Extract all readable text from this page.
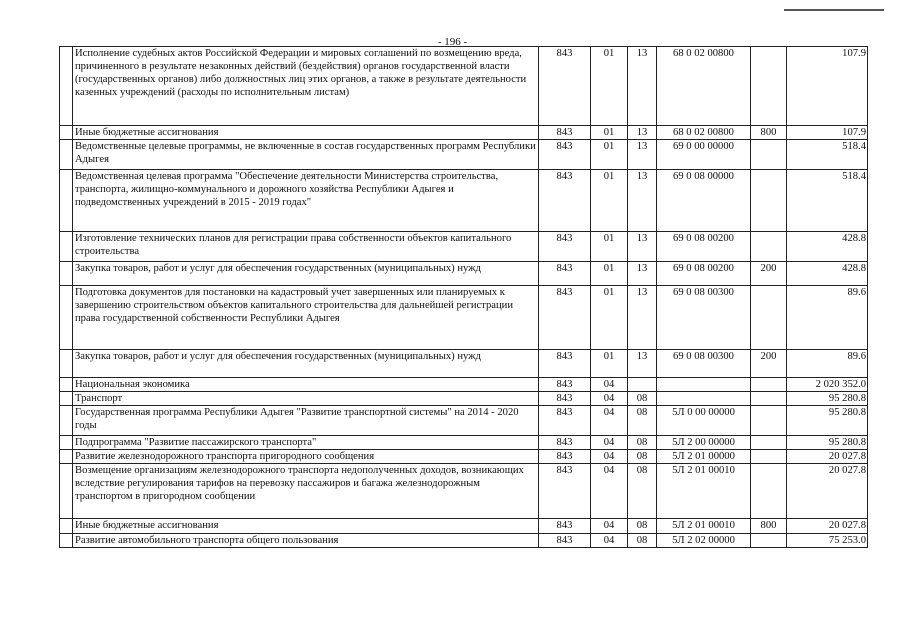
- 196 -
	Исполнение судебных актов Российской Федерации и мировых соглашений по возмещению вреда, причиненного в результате незаконных действий (бездействия) органов государственной власти (государственных органов) либо должностных лиц этих органов, а также в результате деятельности казенных учреждений (расходы по исполнительным листам)	843	01	13	68 0 02 00800		107.9
	Иные бюджетные ассигнования	843	01	13	68 0 02 00800	800	107.9
	Ведомственные целевые программы, не включенные в состав государственных программ Республики Адыгея	843	01	13	69 0 00 00000		518.4
	Ведомственная целевая программа "Обеспечение деятельности Министерства строительства, транспорта, жилищно-коммунального и дорожного хозяйства Республики Адыгея и подведомственных учреждений в 2015 - 2019 годах"	843	01	13	69 0 08 00000		518.4
	Изготовление технических планов для регистрации права собственности объектов капитального строительства	843	01	13	69 0 08 00200		428.8
	Закупка товаров, работ и услуг для обеспечения государственных (муниципальных) нужд	843	01	13	69 0 08 00200	200	428.8
	Подготовка документов для постановки на кадастровый учет завершенных или планируемых к завершению строительством объектов капитального строительства для дальнейшей регистрации права государственной собственности Республики Адыгея	843	01	13	69 0 08 00300		89.6
	Закупка товаров, работ и услуг для обеспечения государственных (муниципальных) нужд	843	01	13	69 0 08 00300	200	89.6
	Национальная экономика	843	04				2 020 352.0
	Транспорт	843	04	08			95 280.8
	Государственная программа Республики Адыгея "Развитие транспортной системы" на 2014 - 2020 годы	843	04	08	5Л 0 00 00000		95 280.8
	Подпрограмма "Развитие пассажирского транспорта"	843	04	08	5Л 2 00 00000		95 280.8
	Развитие железнодорожного транспорта пригородного сообщения	843	04	08	5Л 2 01 00000		20 027.8
	Возмещение организациям железнодорожного транспорта недополученных доходов, возникающих вследствие регулирования тарифов на перевозку пассажиров и багажа железнодорожным транспортом в пригородном сообщении	843	04	08	5Л 2 01 00010		20 027.8
	Иные бюджетные ассигнования	843	04	08	5Л 2 01 00010	800	20 027.8
	Развитие автомобильного транспорта общего пользования	843	04	08	5Л 2 02 00000		75 253.0
